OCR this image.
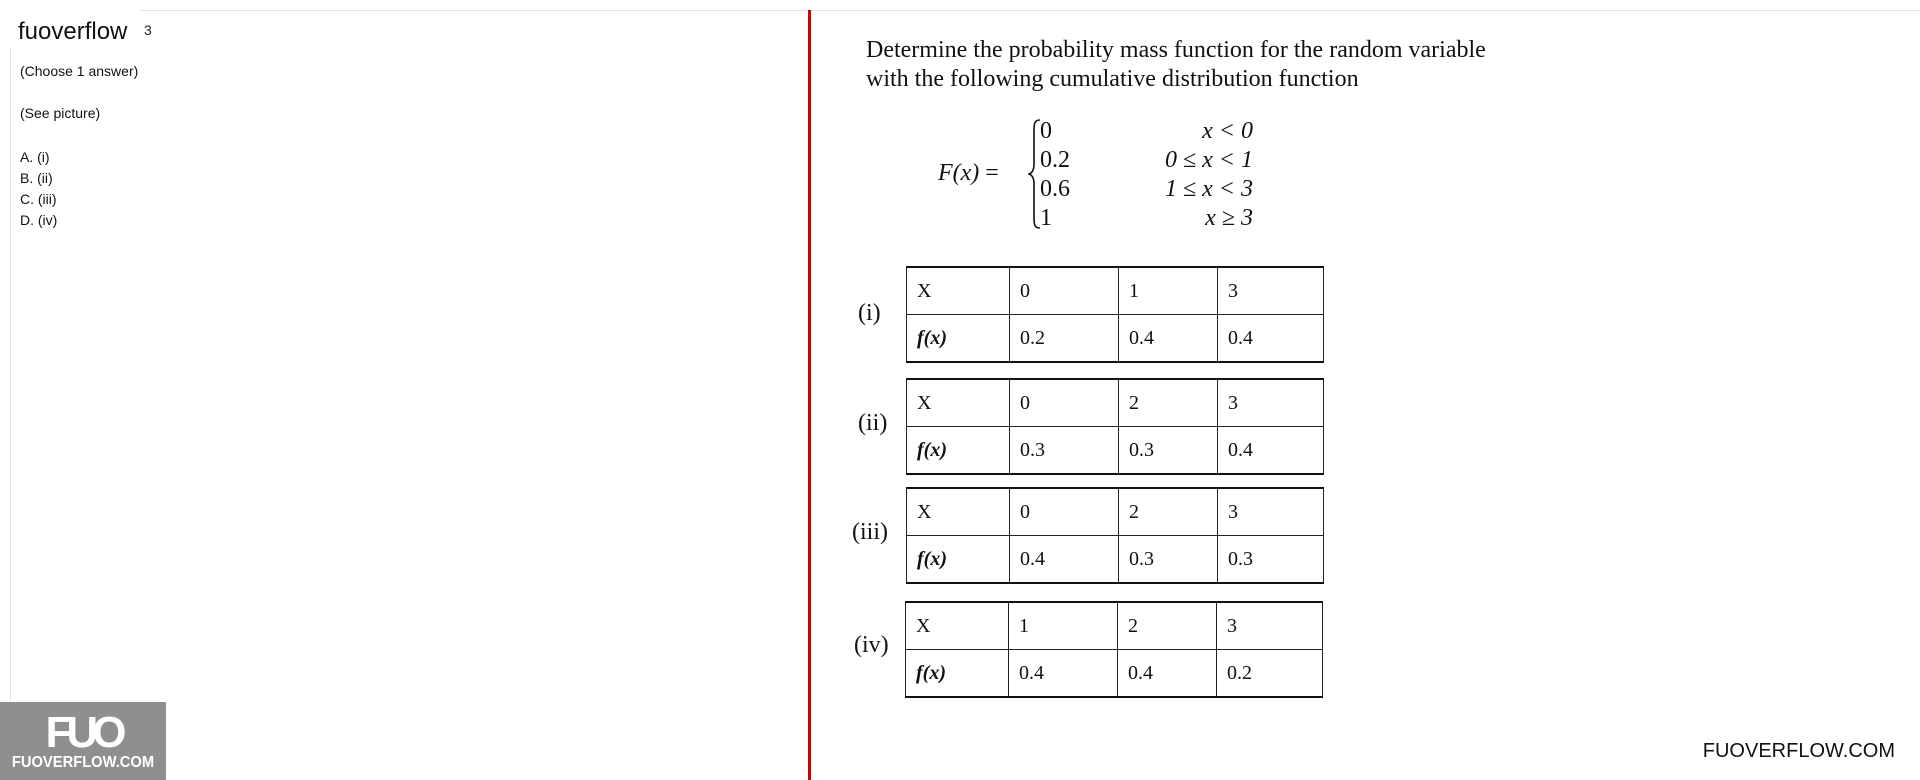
fuoverflow 3
(Choose 1 answer)
(See picture)
A. (i)
B. (ii)
C. (iii)
D. (iv)
FUO
FUOVERFLOW.COM
Determine the probability mass function for the random variable with the following cumulative distribution function
F(x) =
0	x < 0
0.2	0 ≤ x < 1
0.6	1 ≤ x < 3
1	x ≥ 3
(i)
X	0	1	3
f(x)	0.2	0.4	0.4
(ii)
X	0	2	3
f(x)	0.3	0.3	0.4
(iii)
X	0	2	3
f(x)	0.4	0.3	0.3
(iv)
X	1	2	3
f(x)	0.4	0.4	0.2
FUOVERFLOW.COM
